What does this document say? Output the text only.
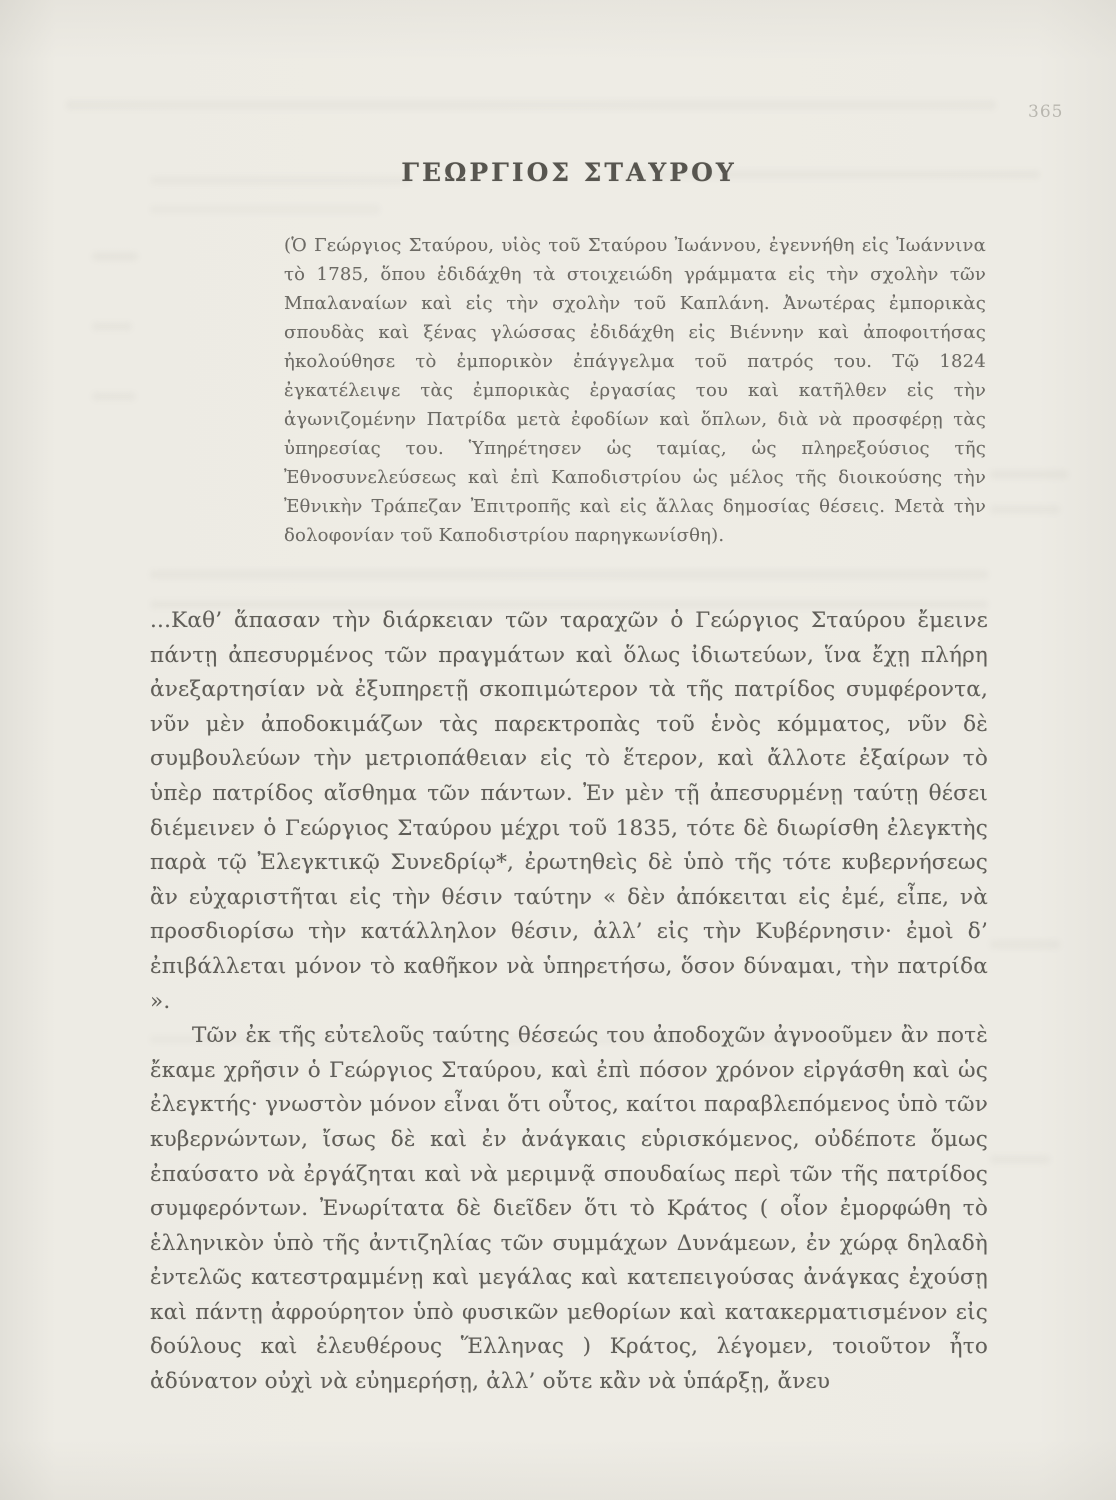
365
ΓΕΩΡΓΙΟΣ ΣΤΑΥΡΟΥ

(Ὁ Γεώργιος Σταύρου, υἱὸς τοῦ Σταύρου Ἰωάννου, ἐγεννήθη εἰς Ἰωάννινα τὸ 1785, ὅπου ἐδιδάχθη τὰ στοιχειώδη γράμματα εἰς τὴν σχολὴν τῶν Μπαλαναίων καὶ εἰς τὴν σχολὴν τοῦ Καπλάνη. Ἀνωτέρας ἐμπορικὰς σπουδὰς καὶ ξένας γλώσσας ἐδιδάχθη εἰς Βιέννην καὶ ἀποφοιτήσας ἠκολούθησε τὸ ἐμπορικὸν ἐπάγγελμα τοῦ πατρός του. Τῷ 1824 ἐγκατέλειψε τὰς ἐμπορικὰς ἐργασίας του καὶ κατῆλθεν εἰς τὴν ἀγωνιζομένην Πατρίδα μετὰ ἐφοδίων καὶ ὅπλων, διὰ νὰ προσφέρῃ τὰς ὑπηρεσίας του. Ὑπηρέτησεν ὡς ταμίας, ὡς πληρεξούσιος τῆς Ἐθνοσυνελεύσεως καὶ ἐπὶ Καποδιστρίου ὡς μέλος τῆς διοικούσης τὴν Ἐθνικὴν Τράπεζαν Ἐπιτροπῆς καὶ εἰς ἄλλας δημοσίας θέσεις. Μετὰ τὴν δολοφονίαν τοῦ Καποδιστρίου παρηγκωνίσθη).

...Καθ’ ἅπασαν τὴν διάρκειαν τῶν ταραχῶν ὁ Γεώργιος Σταύρου ἔμεινε πάντῃ ἀπεσυρμένος τῶν πραγμάτων καὶ ὅλως ἰδιωτεύων, ἵνα ἔχῃ πλήρη ἀνεξαρτησίαν νὰ ἐξυπηρετῇ σκοπιμώτερον τὰ τῆς πατρίδος συμφέροντα, νῦν μὲν ἀποδοκιμάζων τὰς παρεκτροπὰς τοῦ ἑνὸς κόμματος, νῦν δὲ συμβουλεύων τὴν μετριοπάθειαν εἰς τὸ ἕτερον, καὶ ἄλλοτε ἐξαίρων τὸ ὑπὲρ πατρίδος αἴσθημα τῶν πάντων. Ἐν μὲν τῇ ἀπεσυρμένῃ ταύτῃ θέσει διέμεινεν ὁ Γεώργιος Σταύρου μέχρι τοῦ 1835, τότε δὲ διωρίσθη ἐλεγκτὴς παρὰ τῷ Ἐλεγκτικῷ Συνεδρίῳ*, ἐρωτηθεὶς δὲ ὑπὸ τῆς τότε κυβερνήσεως ἂν εὐχαριστῆται εἰς τὴν θέσιν ταύτην « δὲν ἀπόκειται εἰς ἐμέ, εἶπε, νὰ προσδιορίσω τὴν κατάλληλον θέσιν, ἀλλ’ εἰς τὴν Κυβέρνησιν· ἐμοὶ δ’ ἐπιβάλλεται μόνον τὸ καθῆκον νὰ ὑπηρετήσω, ὅσον δύναμαι, τὴν πατρίδα ».

Τῶν ἐκ τῆς εὐτελοῦς ταύτης θέσεώς του ἀποδοχῶν ἀγνοοῦμεν ἂν ποτὲ ἔκαμε χρῆσιν ὁ Γεώργιος Σταύρου, καὶ ἐπὶ πόσον χρόνον εἰργάσθη καὶ ὡς ἐλεγκτής· γνωστὸν μόνον εἶναι ὅτι οὗτος, καίτοι παραβλεπόμενος ὑπὸ τῶν κυβερνώντων, ἴσως δὲ καὶ ἐν ἀνάγκαις εὑρισκόμενος, οὐδέποτε ὅμως ἐπαύσατο νὰ ἐργάζηται καὶ νὰ μεριμνᾷ σπουδαίως περὶ τῶν τῆς πατρίδος συμφερόντων. Ἐνωρίτατα δὲ διεῖδεν ὅτι τὸ Κράτος ( οἷον ἐμορφώθη τὸ ἑλληνικὸν ὑπὸ τῆς ἀντιζηλίας τῶν συμμάχων Δυνάμεων, ἐν χώρᾳ δηλαδὴ ἐντελῶς κατεστραμμένῃ καὶ μεγάλας καὶ κατεπειγούσας ἀνάγκας ἐχούσῃ καὶ πάντῃ ἀφρούρητον ὑπὸ φυσικῶν μεθορίων καὶ κατακερματισμένον εἰς δούλους καὶ ἐλευθέρους Ἕλληνας ) Κράτος, λέγομεν, τοιοῦτον ἦτο ἀδύνατον οὐχὶ νὰ εὐημερήσῃ, ἀλλ’ οὔτε κἂν νὰ ὑπάρξῃ, ἄνευ
